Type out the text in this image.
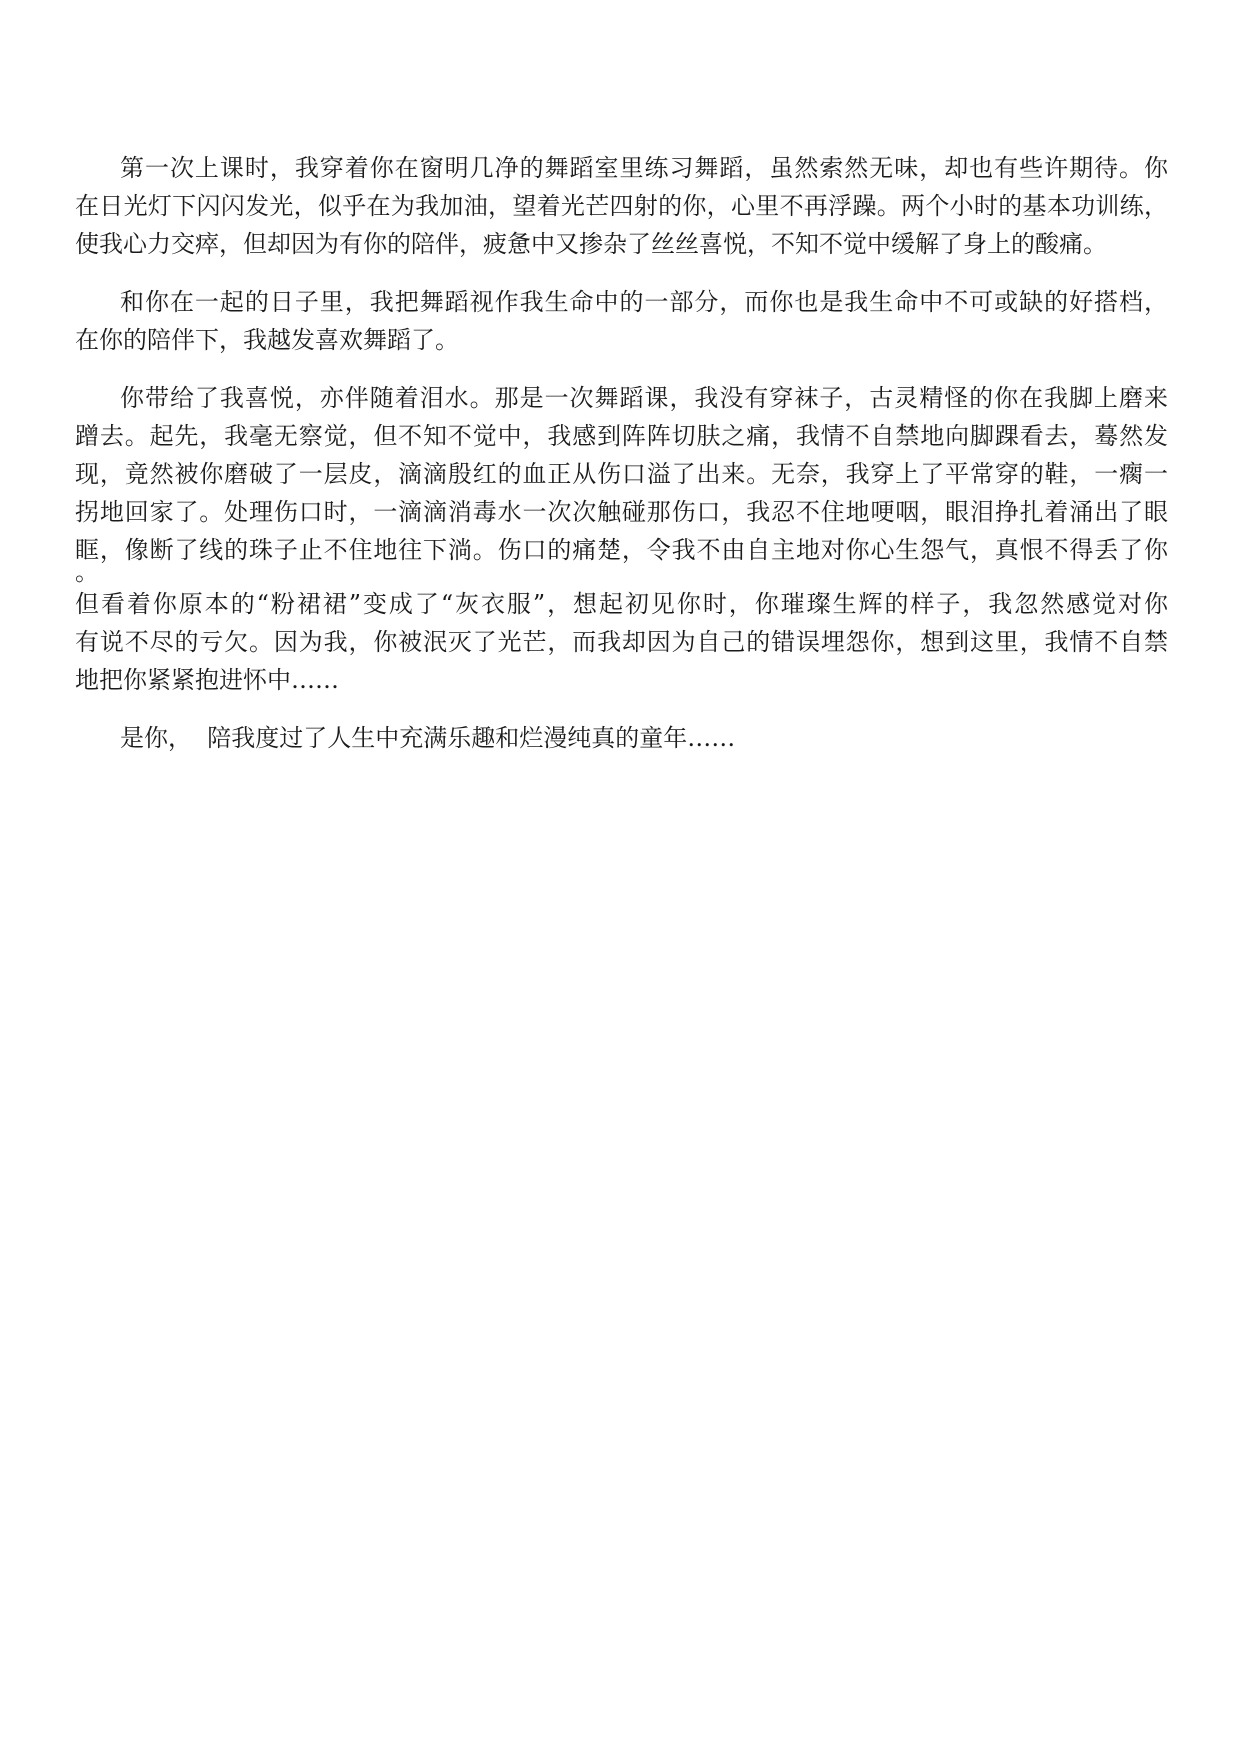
第一次上课时，我穿着你在窗明几净的舞蹈室里练习舞蹈，虽然索然无味，却也有些许期待。你
在日光灯下闪闪发光，似乎在为我加油，望着光芒四射的你，心里不再浮躁。两个小时的基本功训练，
使我心力交瘁，但却因为有你的陪伴，疲惫中又掺杂了丝丝喜悦，不知不觉中缓解了身上的酸痛。
和你在一起的日子里，我把舞蹈视作我生命中的一部分，而你也是我生命中不可或缺的好搭档，
在你的陪伴下，我越发喜欢舞蹈了。
你带给了我喜悦，亦伴随着泪水。那是一次舞蹈课，我没有穿袜子，古灵精怪的你在我脚上磨来
蹭去。起先，我毫无察觉，但不知不觉中，我感到阵阵切肤之痛，我情不自禁地向脚踝看去，蓦然发
现，竟然被你磨破了一层皮，滴滴殷红的血正从伤口溢了出来。无奈，我穿上了平常穿的鞋，一瘸一
拐地回家了。处理伤口时，一滴滴消毒水一次次触碰那伤口，我忍不住地哽咽，眼泪挣扎着涌出了眼
眶，像断了线的珠子止不住地往下淌。伤口的痛楚，令我不由自主地对你心生怨气，真恨不得丢了你
。
但看着你原本的“粉裙裙”变成了“灰衣服”，想起初见你时，你璀璨生辉的样子，我忽然感觉对你
有说不尽的亏欠。因为我，你被泯灭了光芒，而我却因为自己的错误埋怨你，想到这里，我情不自禁
地把你紧紧抱进怀中……
是你，  陪我度过了人生中充满乐趣和烂漫纯真的童年……
